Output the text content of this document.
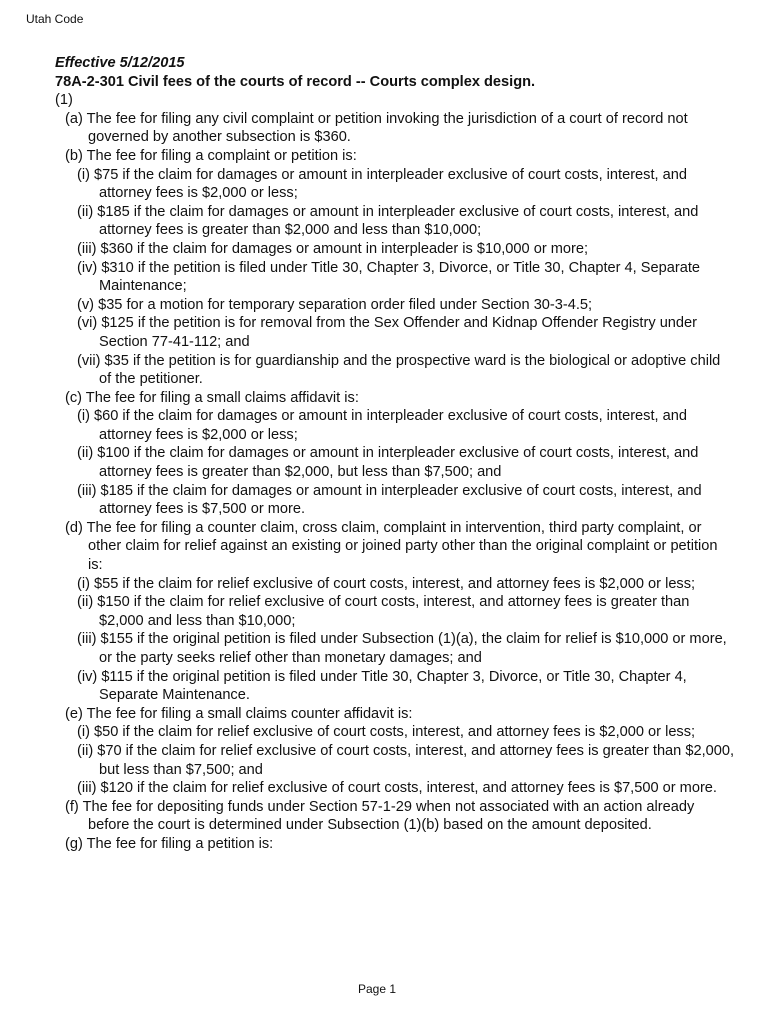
Utah Code
Effective 5/12/2015
78A-2-301 Civil fees of the courts of record -- Courts complex design.
(1)
(a) The fee for filing any civil complaint or petition invoking the jurisdiction of a court of record not governed by another subsection is $360.
(b) The fee for filing a complaint or petition is:
(i) $75 if the claim for damages or amount in interpleader exclusive of court costs, interest, and attorney fees is $2,000 or less;
(ii) $185 if the claim for damages or amount in interpleader exclusive of court costs, interest, and attorney fees is greater than $2,000 and less than $10,000;
(iii) $360 if the claim for damages or amount in interpleader is $10,000 or more;
(iv) $310 if the petition is filed under Title 30, Chapter 3, Divorce, or Title 30, Chapter 4, Separate Maintenance;
(v) $35 for a motion for temporary separation order filed under Section 30-3-4.5;
(vi) $125 if the petition is for removal from the Sex Offender and Kidnap Offender Registry under Section 77-41-112; and
(vii) $35 if the petition is for guardianship and the prospective ward is the biological or adoptive child of the petitioner.
(c) The fee for filing a small claims affidavit is:
(i) $60 if the claim for damages or amount in interpleader exclusive of court costs, interest, and attorney fees is $2,000 or less;
(ii) $100 if the claim for damages or amount in interpleader exclusive of court costs, interest, and attorney fees is greater than $2,000, but less than $7,500; and
(iii) $185 if the claim for damages or amount in interpleader exclusive of court costs, interest, and attorney fees is $7,500 or more.
(d) The fee for filing a counter claim, cross claim, complaint in intervention, third party complaint, or other claim for relief against an existing or joined party other than the original complaint or petition is:
(i) $55 if the claim for relief exclusive of court costs, interest, and attorney fees is $2,000 or less;
(ii) $150 if the claim for relief exclusive of court costs, interest, and attorney fees is greater than $2,000 and less than $10,000;
(iii) $155 if the original petition is filed under Subsection (1)(a), the claim for relief is $10,000 or more, or the party seeks relief other than monetary damages; and
(iv) $115 if the original petition is filed under Title 30, Chapter 3, Divorce, or Title 30, Chapter 4, Separate Maintenance.
(e) The fee for filing a small claims counter affidavit is:
(i) $50 if the claim for relief exclusive of court costs, interest, and attorney fees is $2,000 or less;
(ii) $70 if the claim for relief exclusive of court costs, interest, and attorney fees is greater than $2,000, but less than $7,500; and
(iii) $120 if the claim for relief exclusive of court costs, interest, and attorney fees is $7,500 or more.
(f) The fee for depositing funds under Section 57-1-29 when not associated with an action already before the court is determined under Subsection (1)(b) based on the amount deposited.
(g) The fee for filing a petition is:
Page 1
